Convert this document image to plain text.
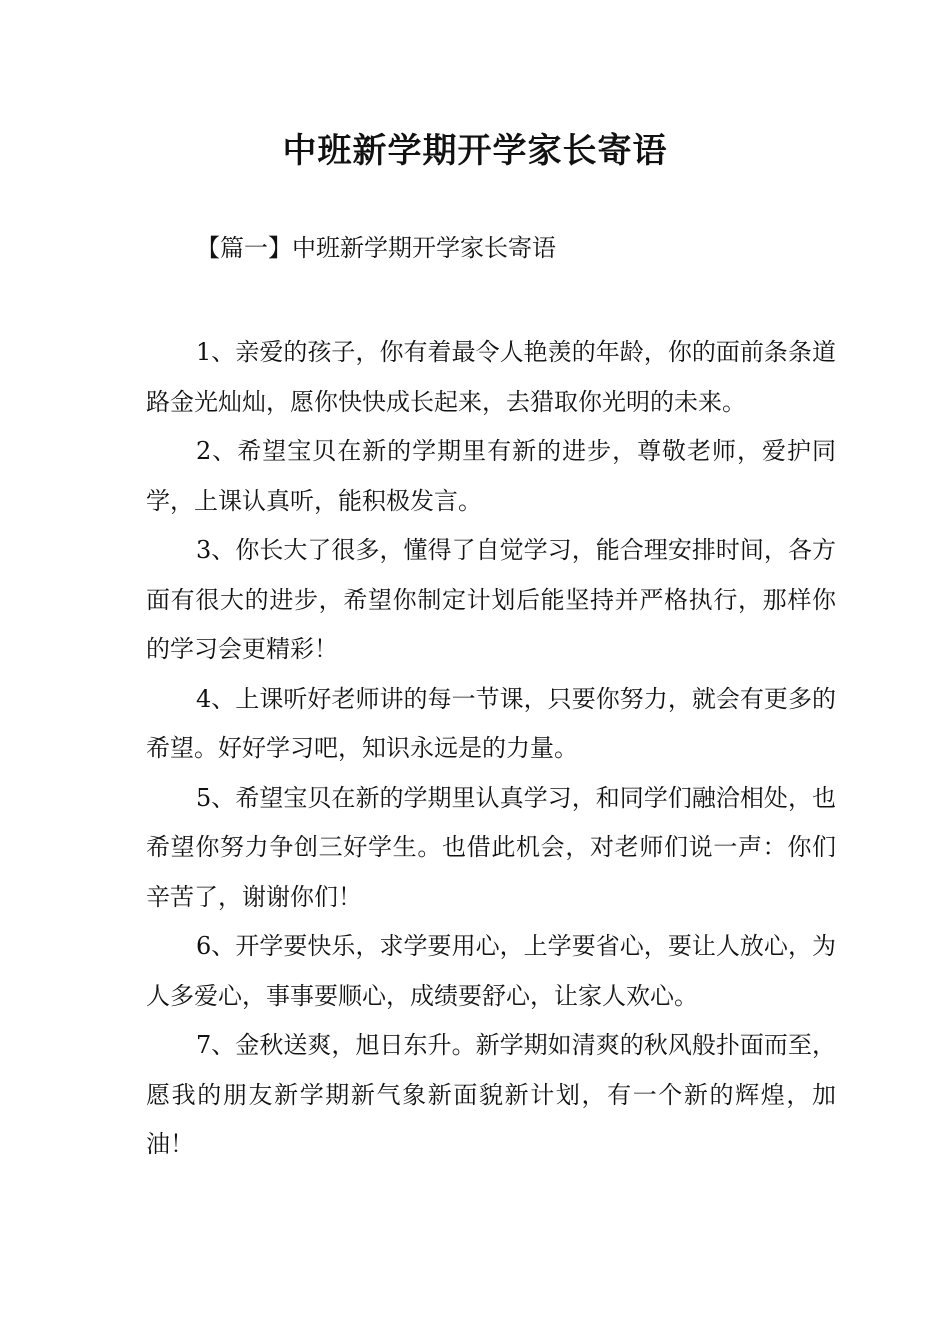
中班新学期开学家长寄语
【篇一】中班新学期开学家长寄语

1、亲爱的孩子，你有着最令人艳羡的年龄，你的面前条条道路金光灿灿，愿你快快成长起来，去猎取你光明的未来。

2、希望宝贝在新的学期里有新的进步，尊敬老师，爱护同学，上课认真听，能积极发言。

3、你长大了很多，懂得了自觉学习，能合理安排时间，各方面有很大的进步，希望你制定计划后能坚持并严格执行，那样你的学习会更精彩！

4、上课听好老师讲的每一节课，只要你努力，就会有更多的希望。好好学习吧，知识永远是的力量。

5、希望宝贝在新的学期里认真学习，和同学们融洽相处，也希望你努力争创三好学生。也借此机会，对老师们说一声：你们辛苦了，谢谢你们！

6、开学要快乐，求学要用心，上学要省心，要让人放心，为人多爱心，事事要顺心，成绩要舒心，让家人欢心。

7、金秋送爽，旭日东升。新学期如清爽的秋风般扑面而至，愿我的朋友新学期新气象新面貌新计划，有一个新的辉煌，加油！
